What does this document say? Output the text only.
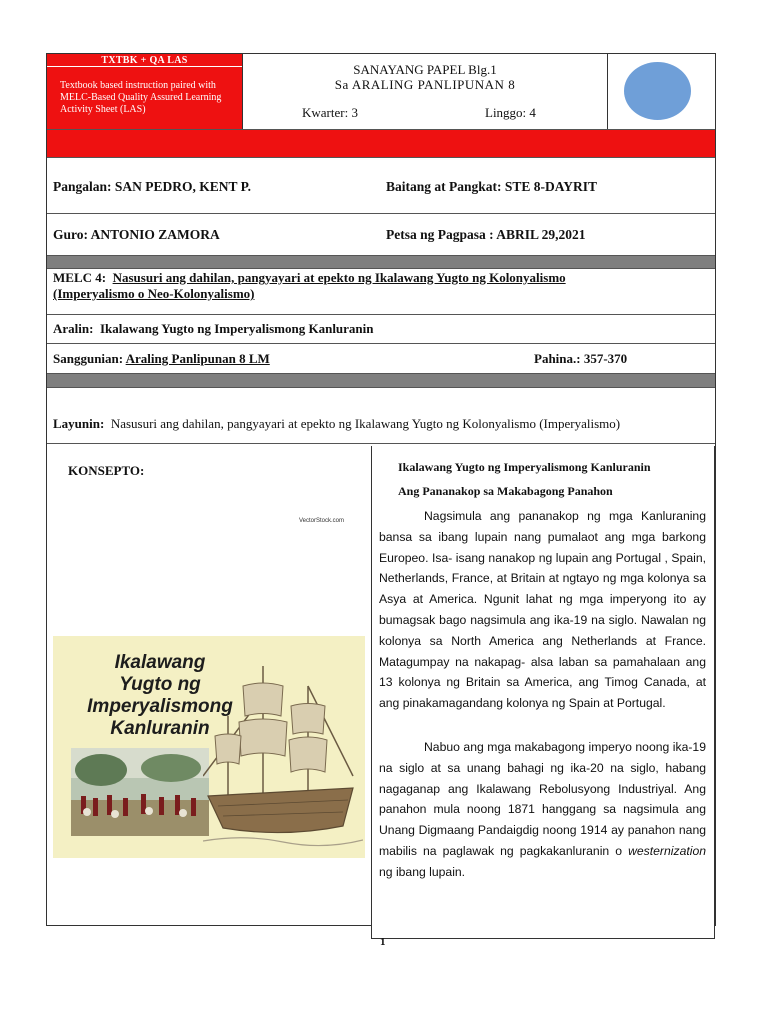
TXTBK + QA LAS
Textbook based instruction paired with MELC-Based Quality Assured Learning Activity Sheet (LAS)
SANAYANG PAPEL Blg.1
Sa ARALING PANLIPUNAN 8
Kwarter: 3	Linggo: 4
Pangalan: SAN PEDRO, KENT P.	Baitang at Pangkat: STE 8-DAYRIT
Guro: ANTONIO ZAMORA	Petsa ng Pagpasa : ABRIL 29,2021
MELC 4: Nasusuri ang dahilan, pangyayari at epekto ng Ikalawang Yugto ng Kolonyalismo
(Imperyalismo o Neo-Kolonyalismo)
Aralin: Ikalawang Yugto ng Imperyalismong Kanluranin
Sanggunian: Araling Panlipunan 8 LM	Pahina.: 357-370
Layunin: Nasusuri ang dahilan, pangyayari at epekto ng Ikalawang Yugto ng Kolonyalismo (Imperyalismo)
KONSEPTO:
VectorStock.com
Ikalawang
Yugto ng
Imperyalismong
Kanluranin
Ikalawang Yugto ng Imperyalismong Kanluranin
Ang Pananakop sa Makabagong Panahon
Nagsimula ang pananakop ng mga Kanluraning bansa sa ibang lupain nang pumalaot ang mga barkong Europeo. Isa- isang nanakop ng lupain ang Portugal , Spain, Netherlands, France, at Britain at ngtayo ng mga kolonya sa Asya at America. Ngunit lahat ng mga imperyong ito ay bumagsak bago nagsimula ang ika-19 na siglo. Nawalan ng kolonya sa North America ang Netherlands at France. Matagumpay na nakapag- alsa laban sa pamahalaan ang 13 kolonya ng Britain sa America, ang Timog Canada, at ang pinakamagandang kolonya ng Spain at Portugal.
Nabuo ang mga makabagong imperyo noong ika-19 na siglo at sa unang bahagi ng ika-20 na siglo, habang nagaganap ang Ikalawang Rebolusyong Industriyal. Ang panahon mula noong 1871 hanggang sa nagsimula ang Unang Digmaang Pandaigdig noong 1914 ay panahon nang mabilis na paglawak ng pagkakanluranin o westernization ng ibang lupain.
1
